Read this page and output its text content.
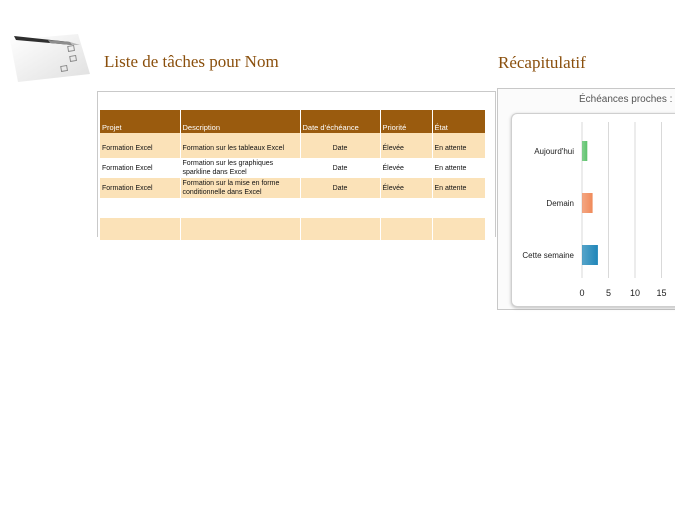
Liste de tâches pour Nom	Récapitulatif
Projet	Description	Date d’échéance	Priorité	État

Formation Excel	Formation sur les tableaux Excel	Date	Élevée	En attente
Formation Excel	Formation sur les graphiques sparkline dans Excel	Date	Élevée	En attente
Formation Excel	Formation sur la mise en forme conditionnelle dans Excel	Date	Élevée	En attente

Échéances proches :
0 5 10 15
Aujourd'hui
Demain
Cette semaine
